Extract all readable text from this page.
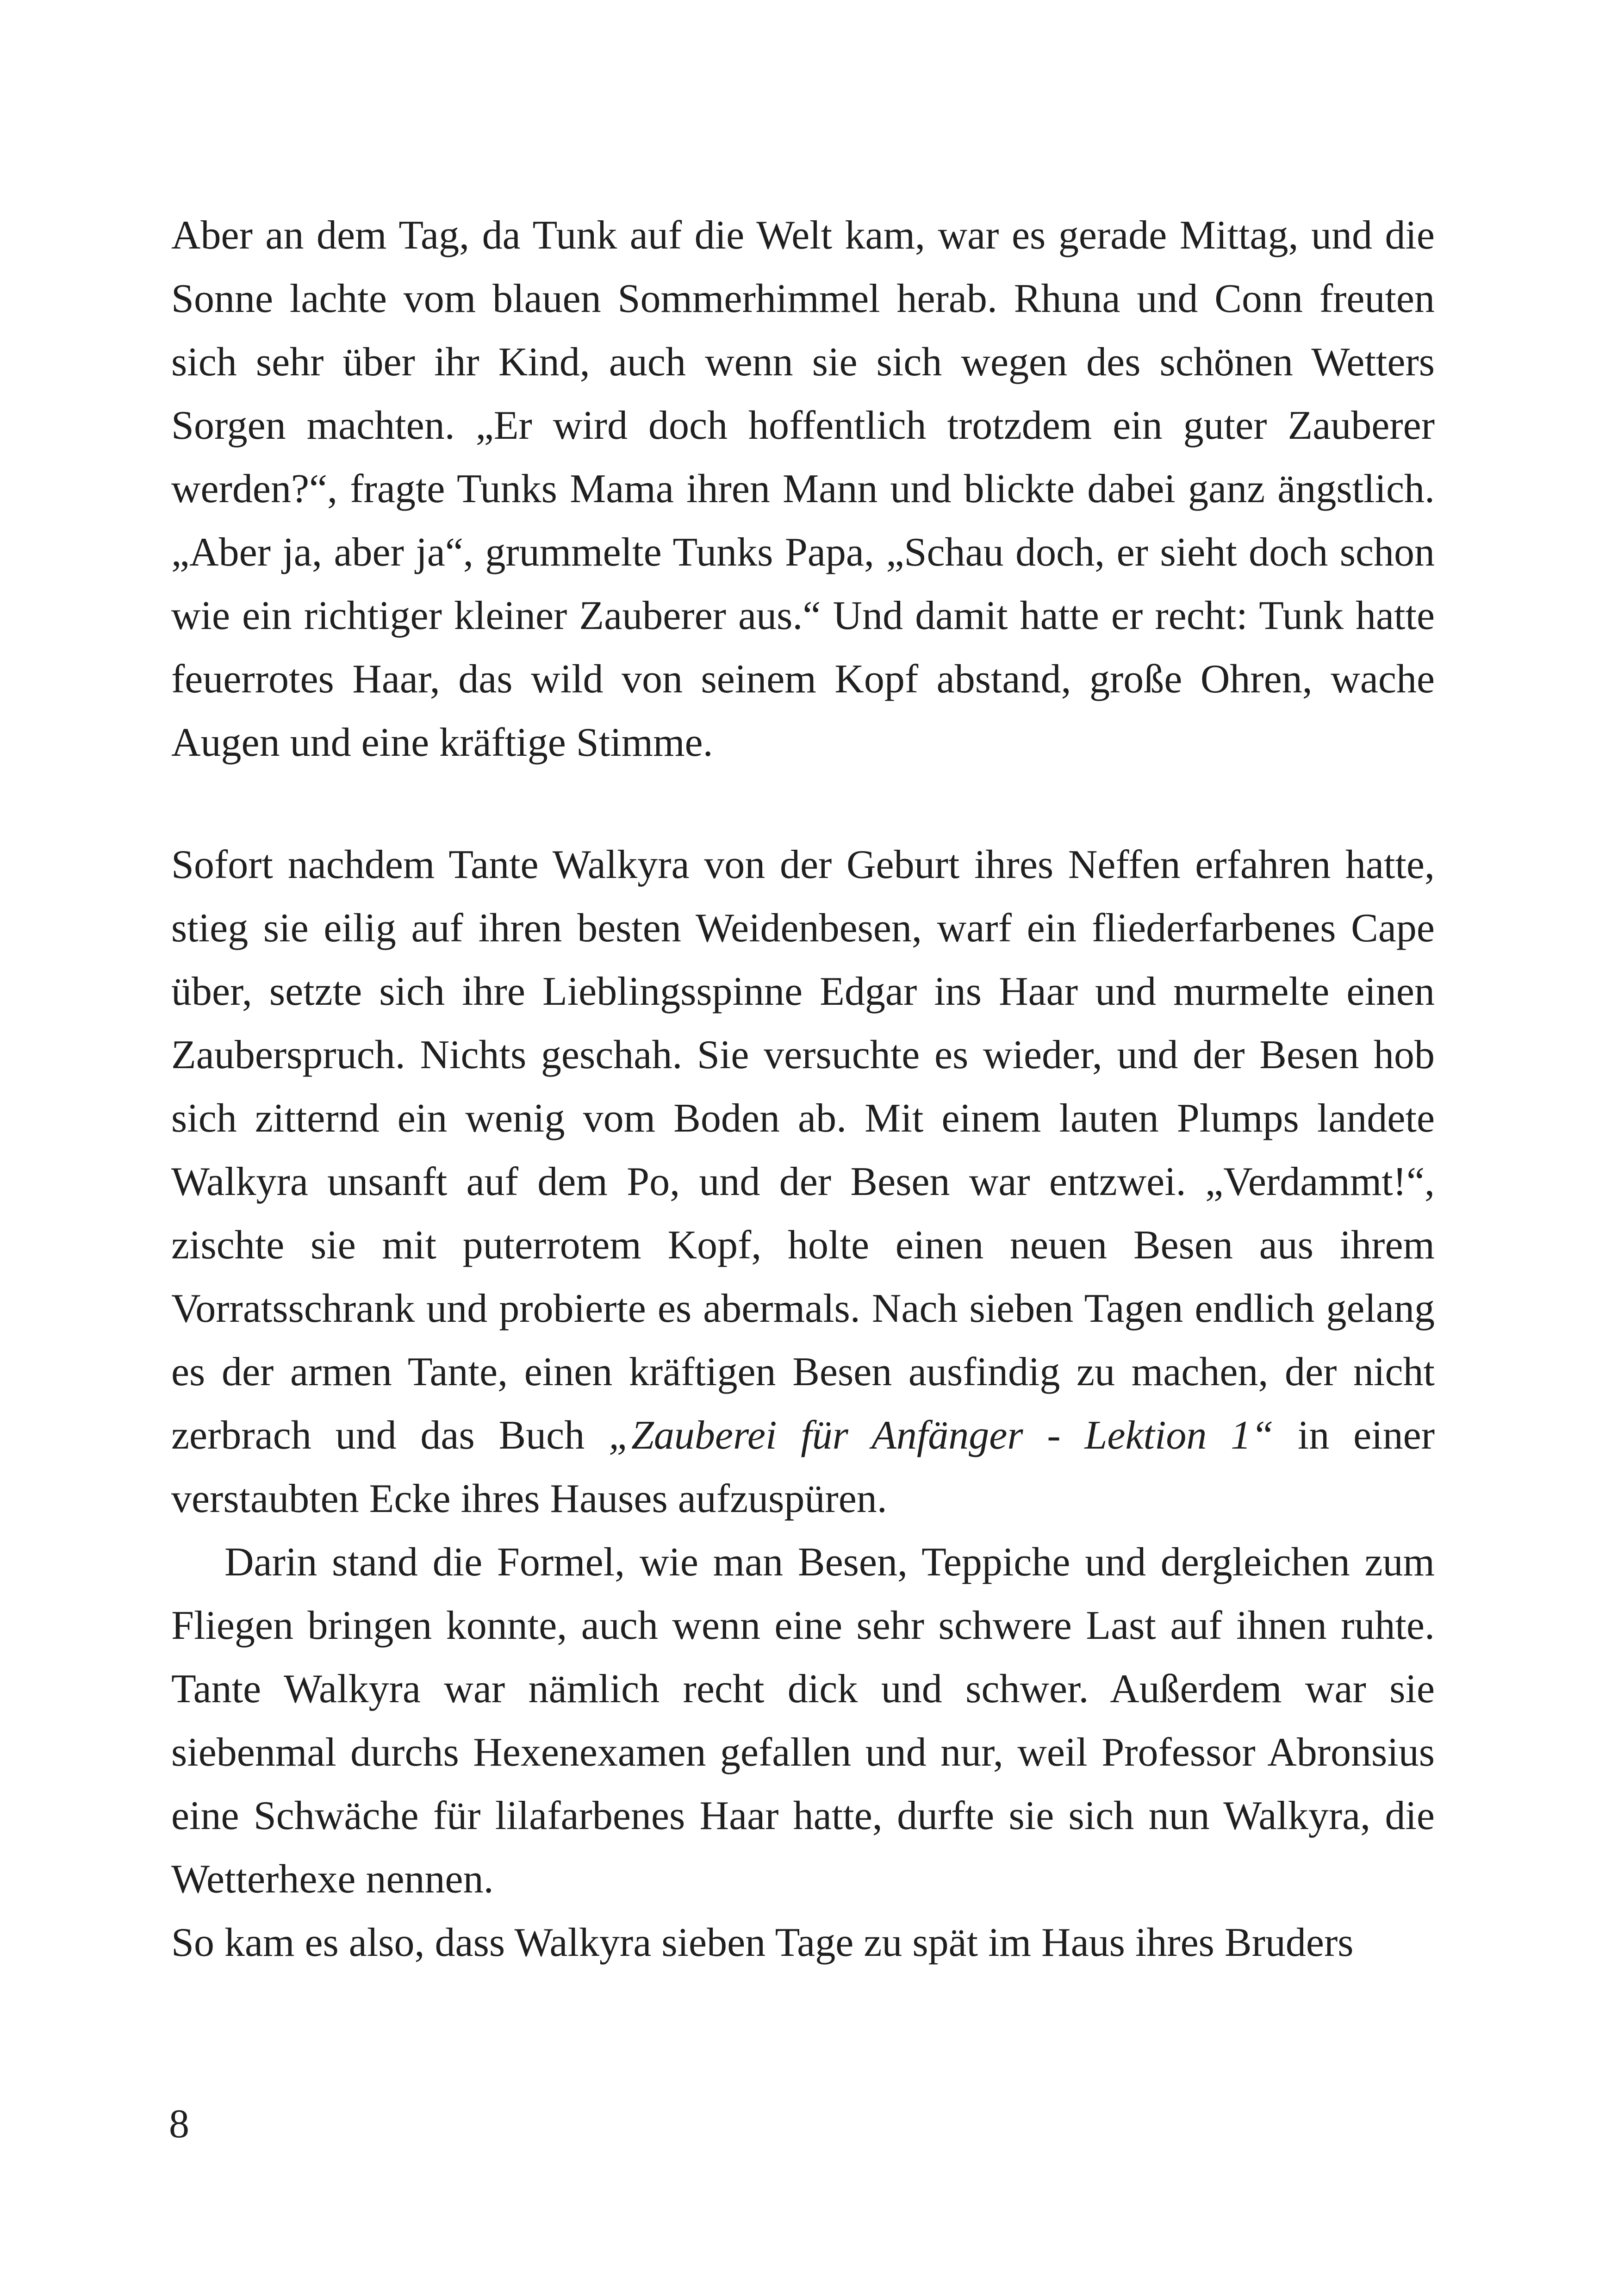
Aber an dem Tag, da Tunk auf die Welt kam, war es gerade Mittag, und die Sonne lachte vom blauen Sommerhimmel herab. Rhuna und Conn freuten sich sehr über ihr Kind, auch wenn sie sich wegen des schönen Wetters Sorgen machten. „Er wird doch hoffentlich trotzdem ein guter Zauberer werden?“, fragte Tunks Mama ihren Mann und blickte dabei ganz ängstlich. „Aber ja, aber ja“, grummelte Tunks Papa, „Schau doch, er sieht doch schon wie ein richtiger kleiner Zauberer aus.“ Und damit hatte er recht: Tunk hatte feuerrotes Haar, das wild von seinem Kopf abstand, große Ohren, wache Augen und eine kräftige Stimme.

Sofort nachdem Tante Walkyra von der Geburt ihres Neffen erfahren hatte, stieg sie eilig auf ihren besten Weidenbesen, warf ein fliederfarbenes Cape über, setzte sich ihre Lieblingsspinne Edgar ins Haar und murmelte einen Zauberspruch. Nichts geschah. Sie versuchte es wieder, und der Besen hob sich zitternd ein wenig vom Boden ab. Mit einem lauten Plumps landete Walkyra unsanft auf dem Po, und der Besen war entzwei. „Verdammt!“, zischte sie mit puterrotem Kopf, holte einen neuen Besen aus ihrem Vorratsschrank und probierte es abermals. Nach sieben Tagen endlich gelang es der armen Tante, einen kräftigen Besen ausfindig zu machen, der nicht zerbrach und das Buch „Zauberei für Anfänger - Lektion 1“ in einer verstaubten Ecke ihres Hauses aufzuspüren.

Darin stand die Formel, wie man Besen, Teppiche und dergleichen zum Fliegen bringen konnte, auch wenn eine sehr schwere Last auf ihnen ruhte. Tante Walkyra war nämlich recht dick und schwer. Außerdem war sie siebenmal durchs Hexenexamen gefallen und nur, weil Professor Abronsius eine Schwäche für lilafarbenes Haar hatte, durfte sie sich nun Walkyra, die Wetterhexe nennen.

So kam es also, dass Walkyra sieben Tage zu spät im Haus ihres Bruders

8
